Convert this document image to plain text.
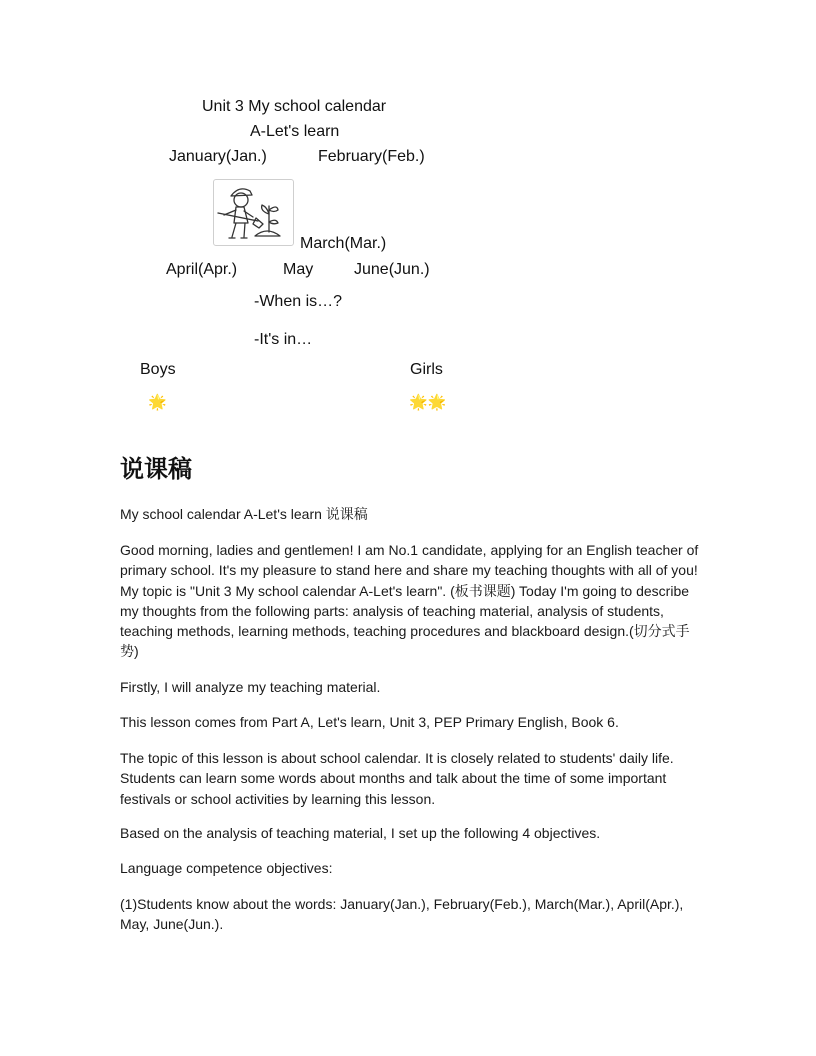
Unit 3 My school calendar
A-Let's learn
January(Jan.)	February(Feb.)
March(Mar.)
April(Apr.)	May	June(Jun.)
-When is…?
-It's in…
Boys	Girls
🌟	🌟🌟
说课稿
My school calendar A-Let's learn 说课稿
Good morning, ladies and gentlemen! I am No.1 candidate, applying for an English teacher of primary school. It's my pleasure to stand here and share my teaching thoughts with all of you! My topic is "Unit 3 My school calendar A-Let's learn". (板书课题) Today I'm going to describe my thoughts from the following parts: analysis of teaching material, analysis of students, teaching methods, learning methods, teaching procedures and blackboard design.(切分式手势)
Firstly, I will analyze my teaching material.
This lesson comes from Part A, Let's learn, Unit 3, PEP Primary English, Book 6.
The topic of this lesson is about school calendar. It is closely related to students' daily life. Students can learn some words about months and talk about the time of some important festivals or school activities by learning this lesson.
Based on the analysis of teaching material, I set up the following 4 objectives.
Language competence objectives:
(1)Students know about the words: January(Jan.), February(Feb.), March(Mar.), April(Apr.), May, June(Jun.).
